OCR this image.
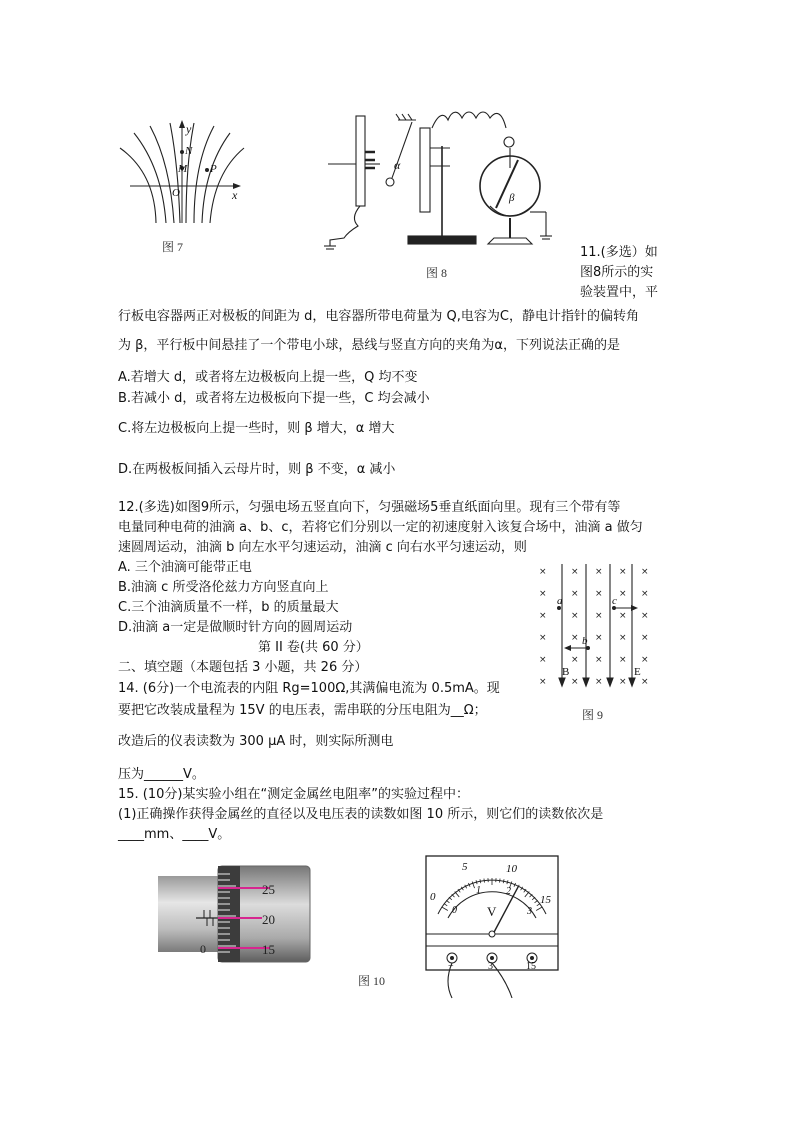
y
x
O
N
M P
图 7
α
β
图 8
11.(多选）如
图8所示的实
验装置中，平
行板电容器两正对极板的间距为 d，电容器所带电荷量为 Q,电容为C，静电计指针的偏转角
为 β，平行板中间悬挂了一个带电小球，悬线与竖直方向的夹角为α，下列说法正确的是
A.若增大 d，或者将左边极板向上提一些，Q 均不变
B.若减小 d，或者将左边极板向下提一些，C 均会减小
C.将左边极板向上提一些时，则 β 增大，α 增大
D.在两极板间插入云母片时，则 β 不变，α 减小
12.(多选)如图9所示，匀强电场五竖直向下，匀强磁场5垂直纸面向里。现有三个带有等
电量同种电荷的油滴 a、b、c，若将它们分别以一定的初速度射入该复合场中，油滴 a 做匀
速圆周运动，油滴 b 向左水平匀速运动，油滴 c 向右水平匀速运动，则
A. 三个油滴可能带正电
B.油滴 c 所受洛伦兹力方向竖直向上
C.三个油滴质量不一样，b 的质量最大
D.油滴 a一定是做顺时针方向的圆周运动
×	× × × ×
×	× × × ×
×	× × × ×
×	× × × ×
×	× × × ×
×	× × × ×
a
b
c
B	E
图 9
第 II 卷(共 60 分）
二、填空题（本题包括 3 小题，共 26 分）
14. (6分)一个电流表的内阻 Rg=100Ω,其满偏电流为 0.5mA。现
要把它改装成量程为 15V 的电压表，需串联的分压电阻为__Ω；
改造后的仪表读数为 300 μA 时，则实际所测电
压为______V。
15. (10分)某实验小组在“测定金属丝电阻率”的实验过程中：
(1)正确操作获得金属丝的直径以及电压表的读数如图 10 所示，则它们的读数依次是
____mm、____V。
25
20
15
0
0
5	10
15
0
1	2
3
V
−	3	15
图 10
